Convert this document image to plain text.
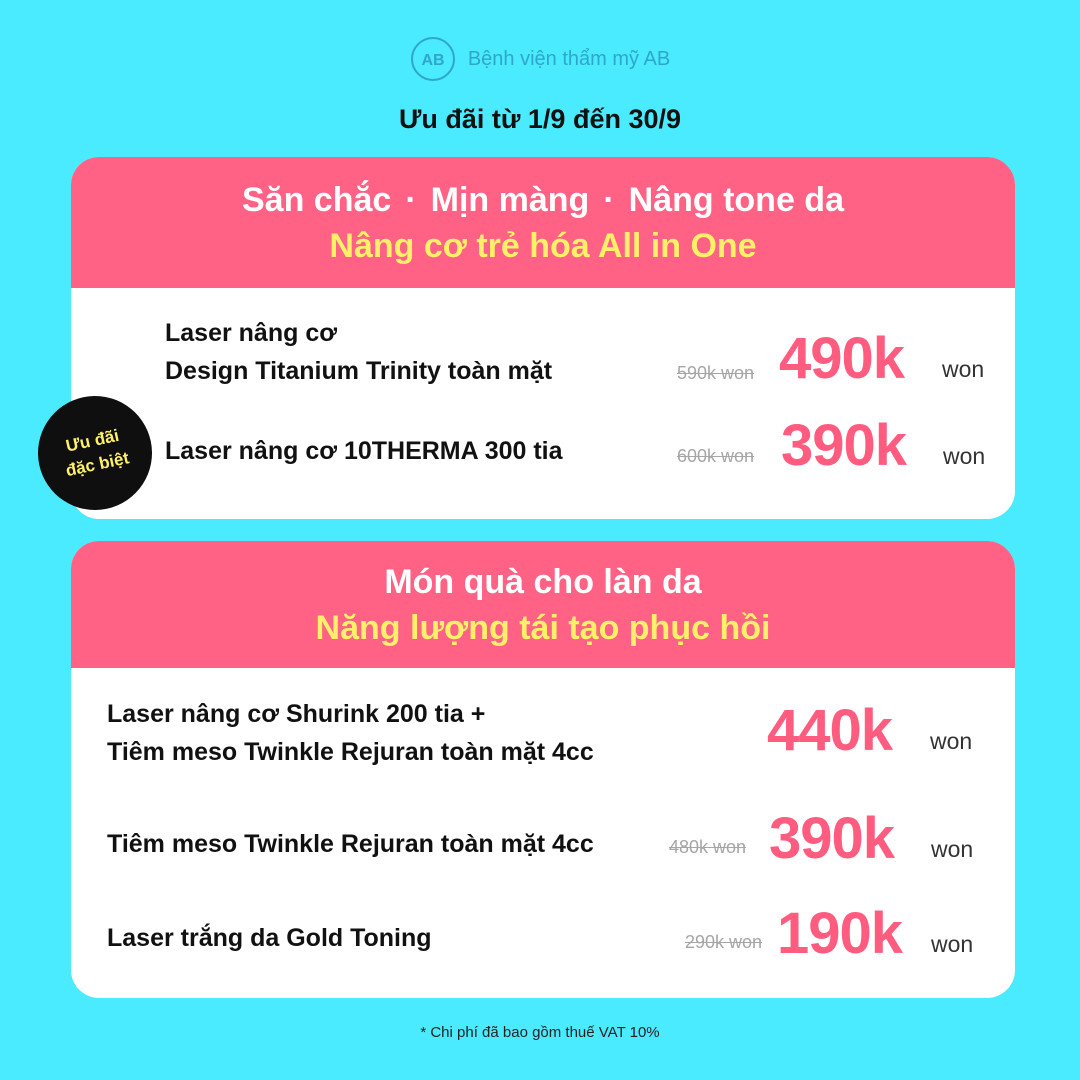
AB Bệnh viện thẩm mỹ AB
Ưu đãi từ 1/9 đến 30/9
Săn chắc · Mịn màng · Nâng tone da
Nâng cơ trẻ hóa All in One
Laser nâng cơ
Design Titanium Trinity toàn mặt	590k won 490k won
Laser nâng cơ 10THERMA 300 tia	600k won 390k won
Ưu đãi
đặc biệt
Món quà cho làn da
Năng lượng tái tạo phục hồi
Laser nâng cơ Shurink 200 tia +
Tiêm meso Twinkle Rejuran toàn mặt 4cc	440k won
Tiêm meso Twinkle Rejuran toàn mặt 4cc	480k won 390k won
Laser trắng da Gold Toning	290k won 190k won
* Chi phí đã bao gồm thuế VAT 10%
